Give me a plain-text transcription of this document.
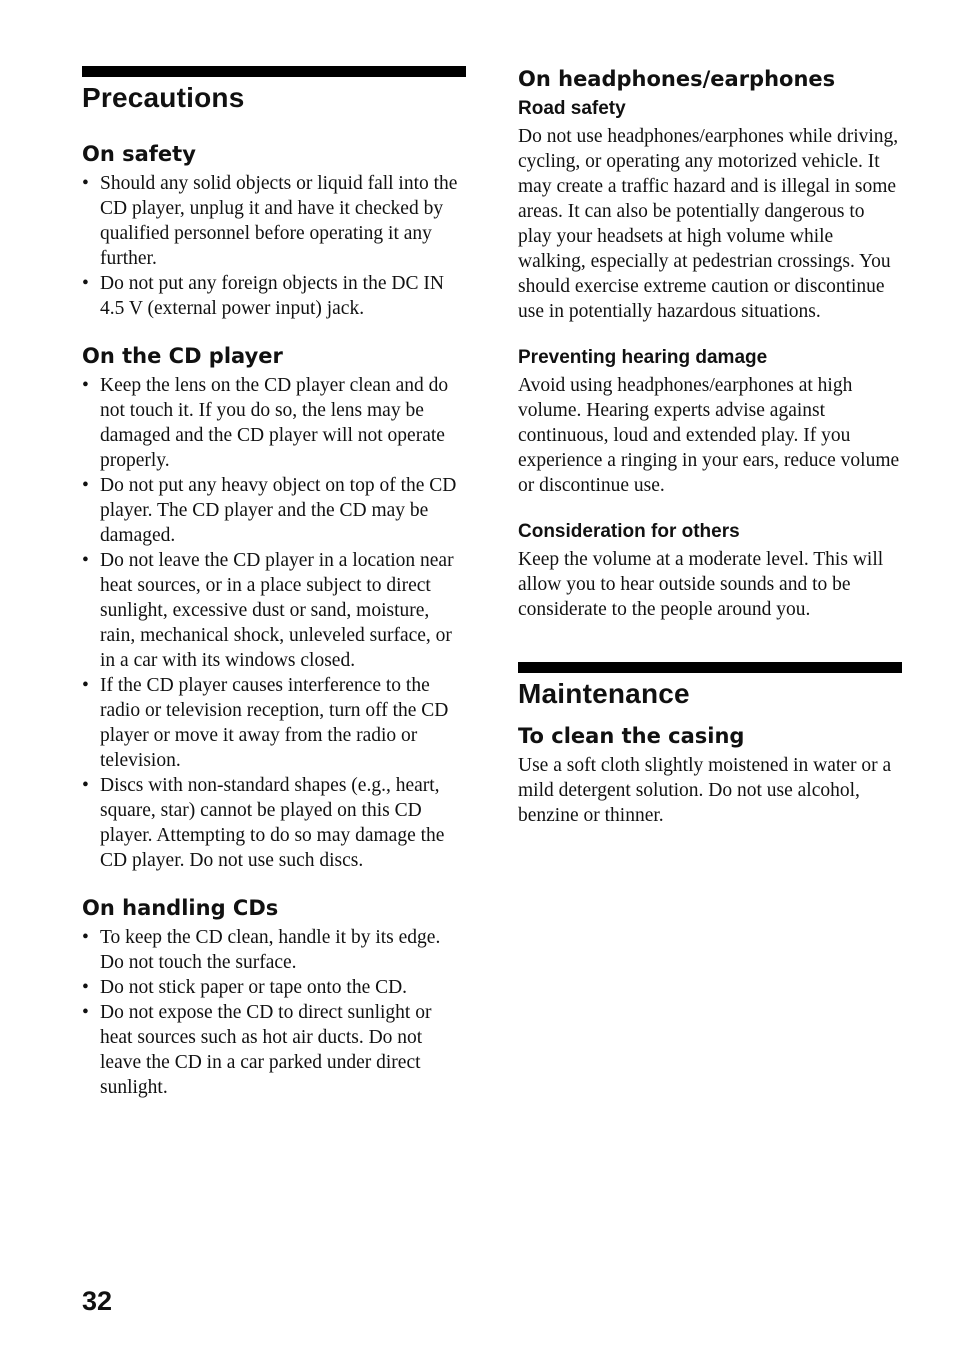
Precautions
On safety
• Should any solid objects or liquid fall into the CD player, unplug it and have it checked by qualified personnel before operating it any further.
• Do not put any foreign objects in the DC IN 4.5 V (external power input) jack.
On the CD player
• Keep the lens on the CD player clean and do not touch it. If you do so, the lens may be damaged and the CD player will not operate properly.
• Do not put any heavy object on top of the CD player. The CD player and the CD may be damaged.
• Do not leave the CD player in a location near heat sources, or in a place subject to direct sunlight, excessive dust or sand, moisture, rain, mechanical shock, unleveled surface, or in a car with its windows closed.
• If the CD player causes interference to the radio or television reception, turn off the CD player or move it away from the radio or television.
• Discs with non-standard shapes (e.g., heart, square, star) cannot be played on this CD player. Attempting to do so may damage the CD player. Do not use such discs.
On handling CDs
• To keep the CD clean, handle it by its edge. Do not touch the surface.
• Do not stick paper or tape onto the CD.
• Do not expose the CD to direct sunlight or heat sources such as hot air ducts. Do not leave the CD in a car parked under direct sunlight.
On headphones/earphones
Road safety

Do not use headphones/earphones while driving, cycling, or operating any motorized vehicle. It may create a traffic hazard and is illegal in some areas. It can also be potentially dangerous to play your headsets at high volume while walking, especially at pedestrian crossings. You should exercise extreme caution or discontinue use in potentially hazardous situations.

Preventing hearing damage

Avoid using headphones/earphones at high volume. Hearing experts advise against continuous, loud and extended play. If you experience a ringing in your ears, reduce volume or discontinue use.

Consideration for others

Keep the volume at a moderate level. This will allow you to hear outside sounds and to be considerate to the people around you.

Maintenance
To clean the casing

Use a soft cloth slightly moistened in water or a mild detergent solution. Do not use alcohol, benzine or thinner.

32
